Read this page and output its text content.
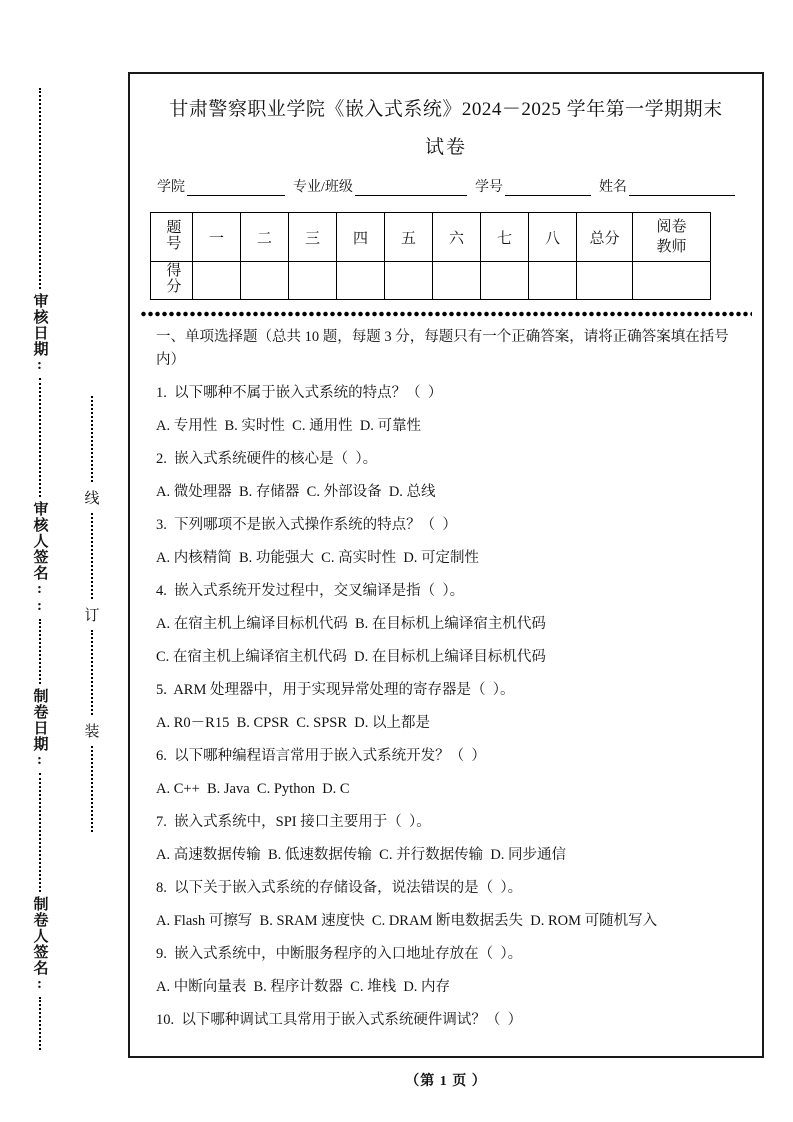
审核日期:
审核人签名::
制卷日期:
制卷人签名:
线
订
装
甘肃警察职业学院《嵌入式系统》2024－2025 学年第一学期期末
试卷
学院	专业/班级	学号	姓名
题号	一	二	三	四	五	六	七	八	总分	阅卷教师
得分										
一、单项选择题（总共 10 题，每题 3 分，每题只有一个正确答案，请将正确答案填在括号内）
1.  以下哪种不属于嵌入式系统的特点？（  ）
A. 专用性  B. 实时性  C. 通用性  D. 可靠性
2.  嵌入式系统硬件的核心是（  ）。
A. 微处理器  B. 存储器  C. 外部设备  D. 总线
3.  下列哪项不是嵌入式操作系统的特点？（  ）
A. 内核精简  B. 功能强大  C. 高实时性  D. 可定制性
4.  嵌入式系统开发过程中，交叉编译是指（  ）。
A. 在宿主机上编译目标机代码  B. 在目标机上编译宿主机代码
C. 在宿主机上编译宿主机代码  D. 在目标机上编译目标机代码
5.  ARM 处理器中，用于实现异常处理的寄存器是（  ）。
A. R0－R15  B. CPSR  C. SPSR  D. 以上都是
6.  以下哪种编程语言常用于嵌入式系统开发？（  ）
A. C++  B. Java  C. Python  D. C
7.  嵌入式系统中，SPI 接口主要用于（  ）。
A. 高速数据传输  B. 低速数据传输  C. 并行数据传输  D. 同步通信
8.  以下关于嵌入式系统的存储设备，说法错误的是（  ）。
A. Flash 可擦写  B. SRAM 速度快  C. DRAM 断电数据丢失  D. ROM 可随机写入
9.  嵌入式系统中，中断服务程序的入口地址存放在（  ）。
A. 中断向量表  B. 程序计数器  C. 堆栈  D. 内存
10.  以下哪种调试工具常用于嵌入式系统硬件调试？（  ）
（第 1 页 ）
